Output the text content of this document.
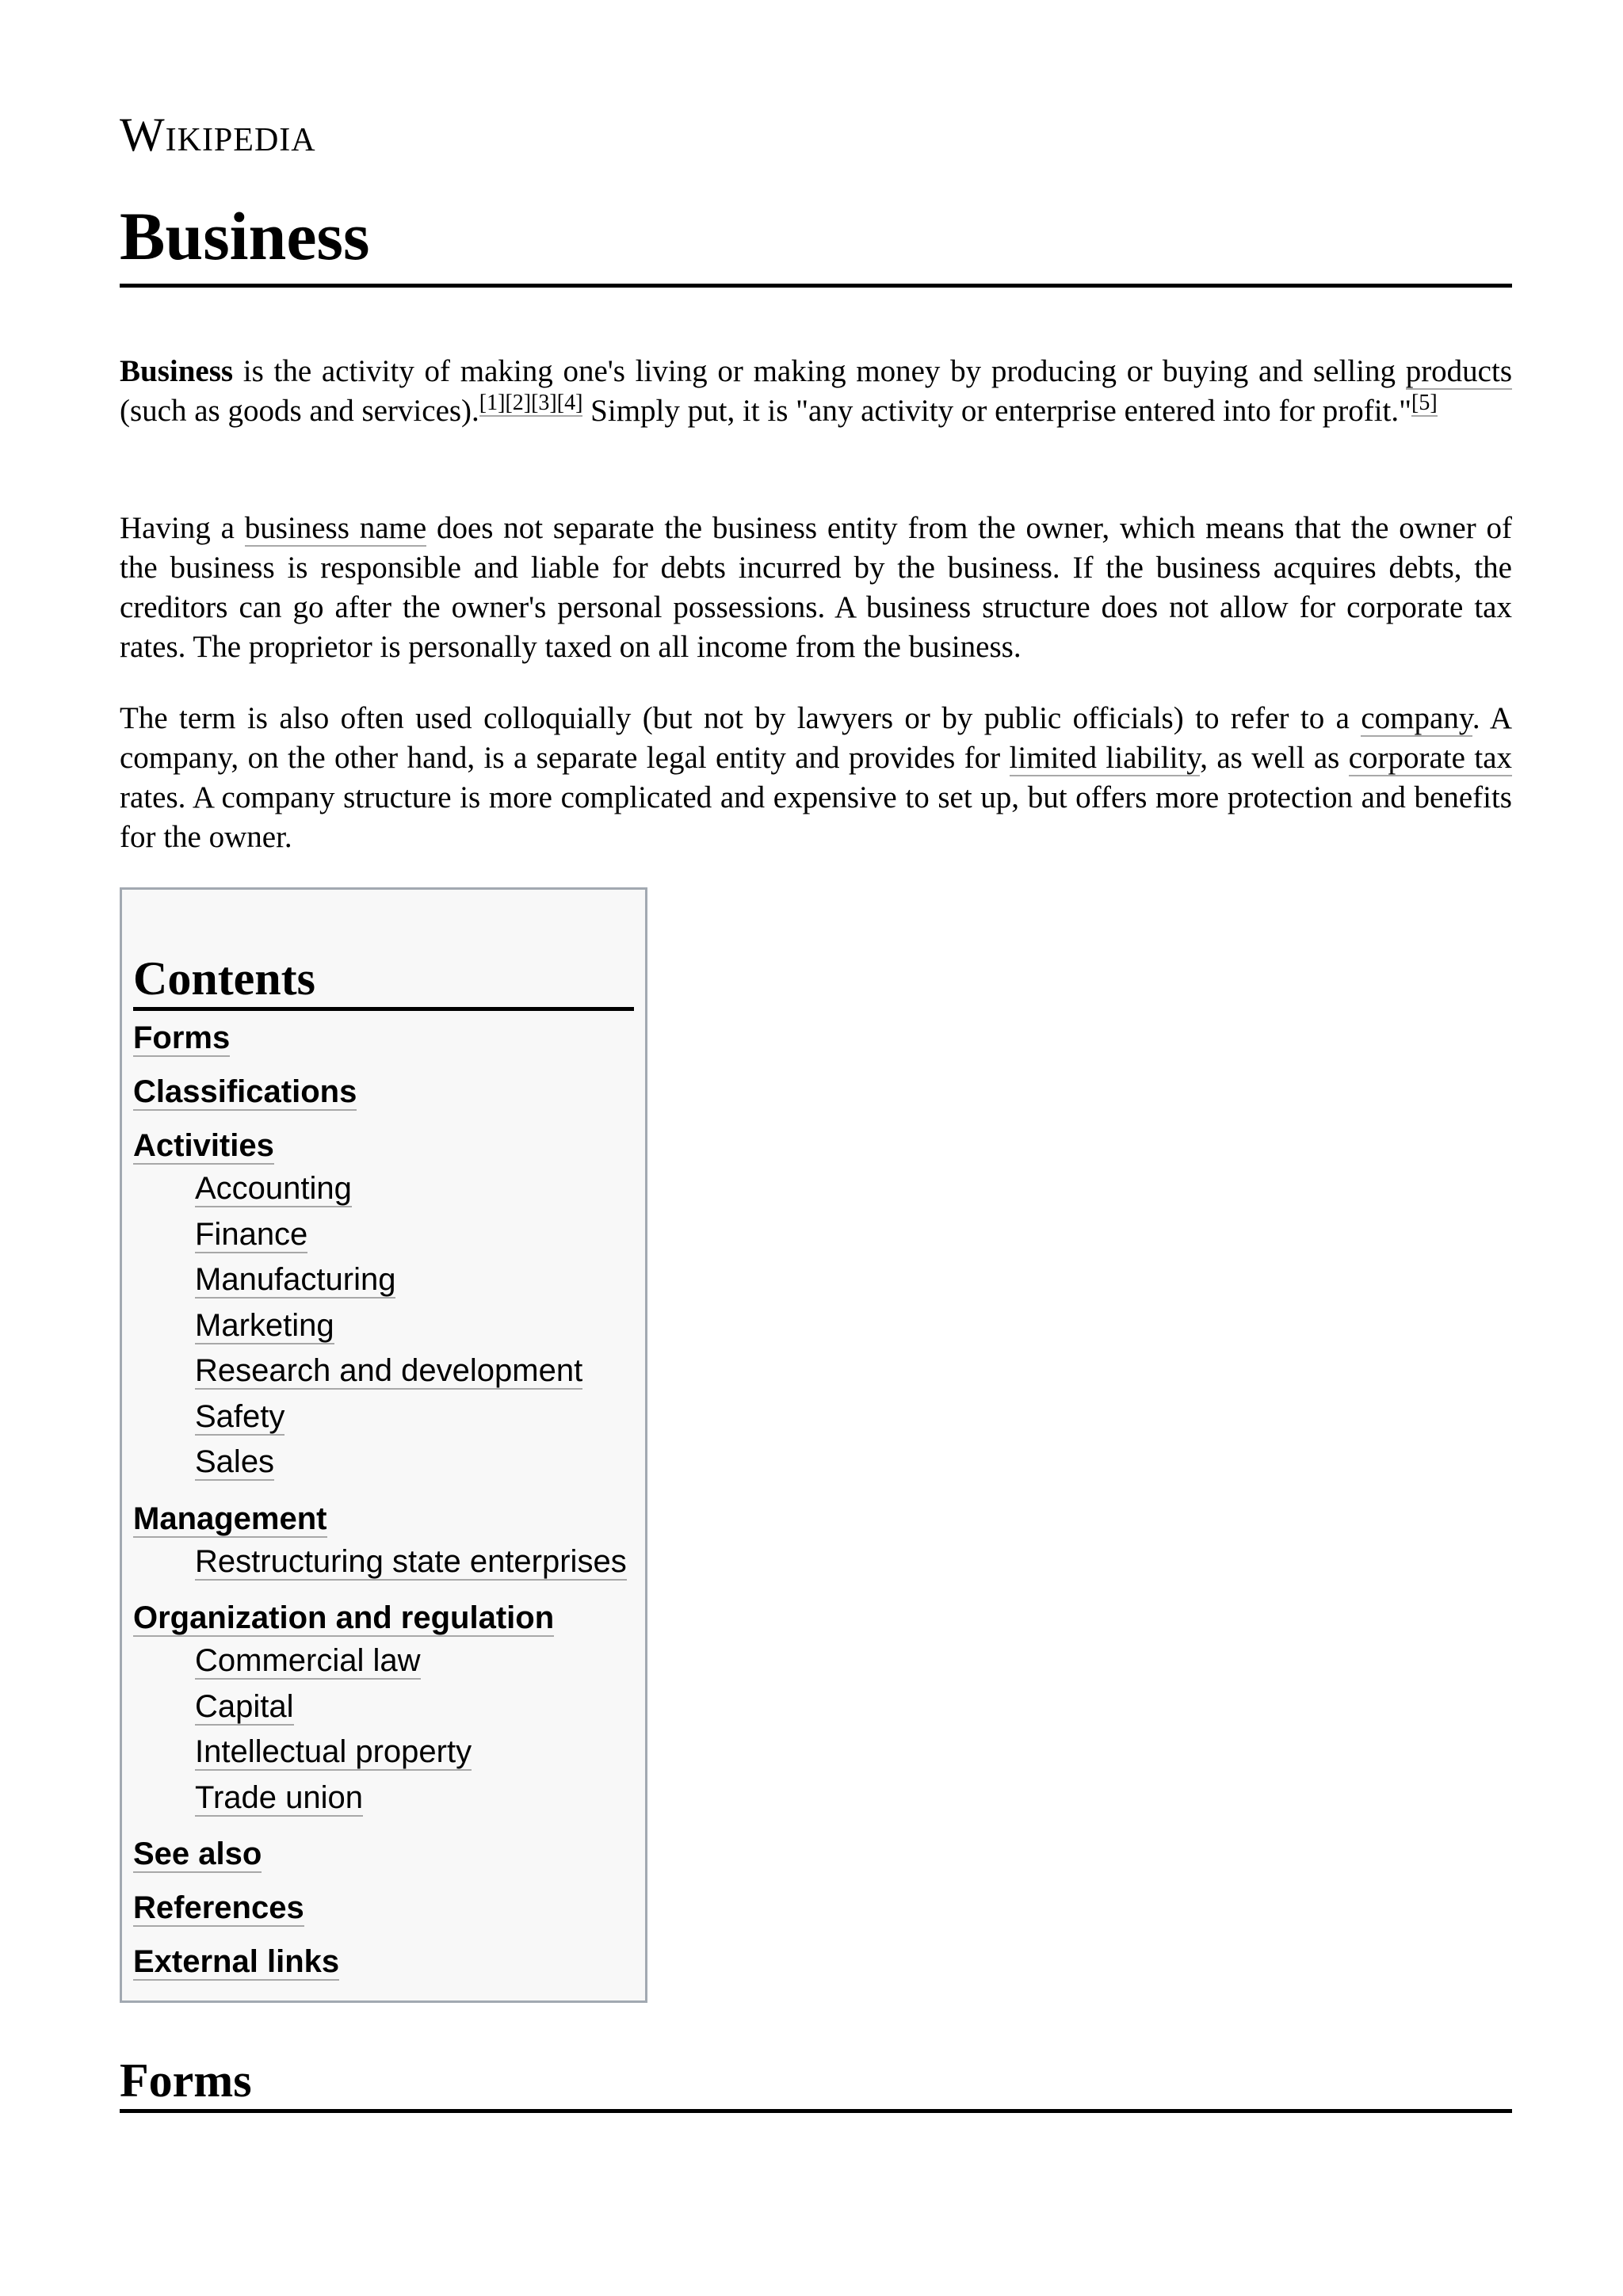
Wikipedia
Business

Business is the activity of making one's living or making money by producing or buying and selling products (such as goods and services).[1][2][3][4] Simply put, it is "any activity or enterprise entered into for profit."[5]

Having a business name does not separate the business entity from the owner, which means that the owner of the business is responsible and liable for debts incurred by the business. If the business acquires debts, the creditors can go after the owner's personal possessions. A business structure does not allow for corporate tax rates. The proprietor is personally taxed on all income from the business.

The term is also often used colloquially (but not by lawyers or by public officials) to refer to a company. A company, on the other hand, is a separate legal entity and provides for limited liability, as well as corporate tax rates. A company structure is more complicated and expensive to set up, but offers more protection and benefits for the owner.

Contents
Forms
Classifications
Activities
Accounting
Finance
Manufacturing
Marketing
Research and development
Safety
Sales
Management
Restructuring state enterprises
Organization and regulation
Commercial law
Capital
Intellectual property
Trade union
See also
References
External links
Forms
